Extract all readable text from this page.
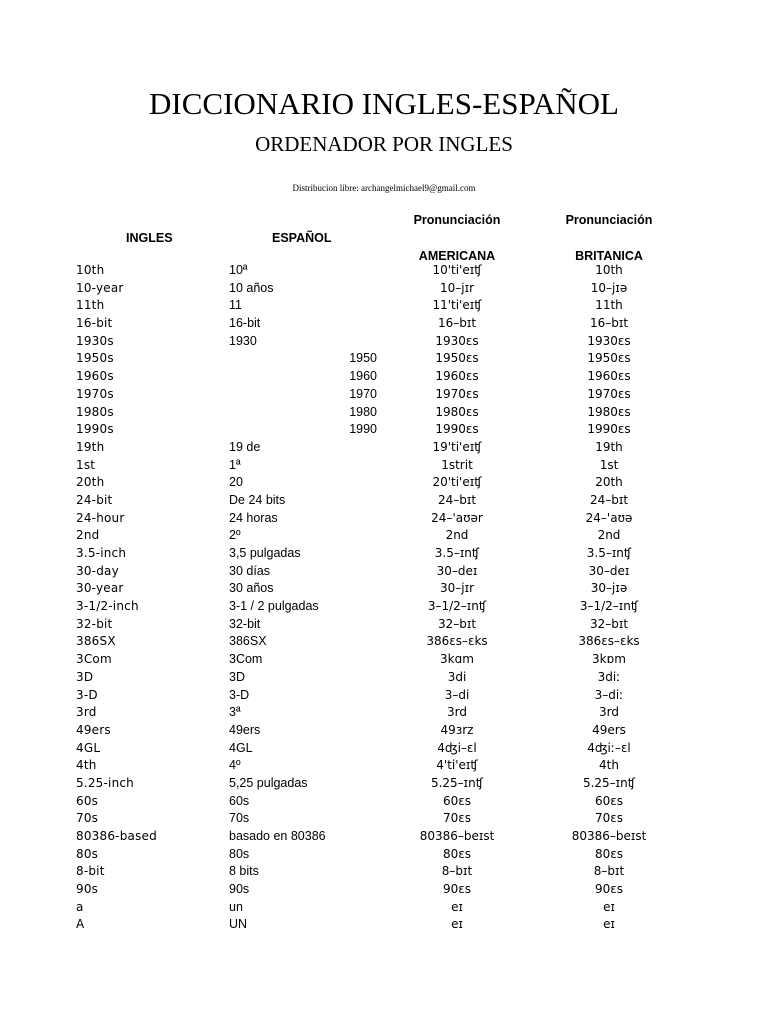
DICCIONARIO INGLES-ESPAÑOL
ORDENADOR POR INGLES
Distribucion libre: archangelmichael9@gmail.com
INGLES	ESPAÑOL
Pronunciación
AMERICANA
Pronunciación
BRITANICA
10th	10ª	10'ti'eɪʧ	10th
10-year	10 años	10–jɪr	10–jɪə
11th	11	11'ti'eɪʧ	11th
16-bit	16-bit	16–bɪt	16–bɪt
1930s	1930	1930ɛs	1930ɛs
1950s	1950	1950ɛs	1950ɛs
1960s	1960	1960ɛs	1960ɛs
1970s	1970	1970ɛs	1970ɛs
1980s	1980	1980ɛs	1980ɛs
1990s	1990	1990ɛs	1990ɛs
19th	19 de	19'ti'eɪʧ	19th
1st	1ª	1strit	1st
20th	20	20'ti'eɪʧ	20th
24-bit	De 24 bits	24–bɪt	24–bɪt
24-hour	24 horas	24–'aʊər	24–'aʊə
2nd	2º	2nd	2nd
3.5-inch	3,5 pulgadas	3.5–ɪnʧ	3.5–ɪnʧ
30-day	30 días	30–deɪ	30–deɪ
30-year	30 años	30–jɪr	30–jɪə
3-1/2-inch	3-1 / 2 pulgadas	3–1/2–ɪnʧ	3–1/2–ɪnʧ
32-bit	32-bit	32–bɪt	32–bɪt
386SX	386SX	386ɛs–ɛks	386ɛs–ɛks
3Com	3Com	3kɑm	3kɒm
3D	3D	3di	3diː
3-D	3-D	3–di	3–diː
3rd	3ª	3rd	3rd
49ers	49ers	49ɜrz	49ers
4GL	4GL	4ʤi–ɛl	4ʤiː–ɛl
4th	4º	4'ti'eɪʧ	4th
5.25-inch	5,25 pulgadas	5.25–ɪnʧ	5.25–ɪnʧ
60s	60s	60ɛs	60ɛs
70s	70s	70ɛs	70ɛs
80386-based	basado en 80386	80386–beɪst	80386–beɪst
80s	80s	80ɛs	80ɛs
8-bit	8 bits	8–bɪt	8–bɪt
90s	90s	90ɛs	90ɛs
a	un	eɪ	eɪ
A	UN	eɪ	eɪ
